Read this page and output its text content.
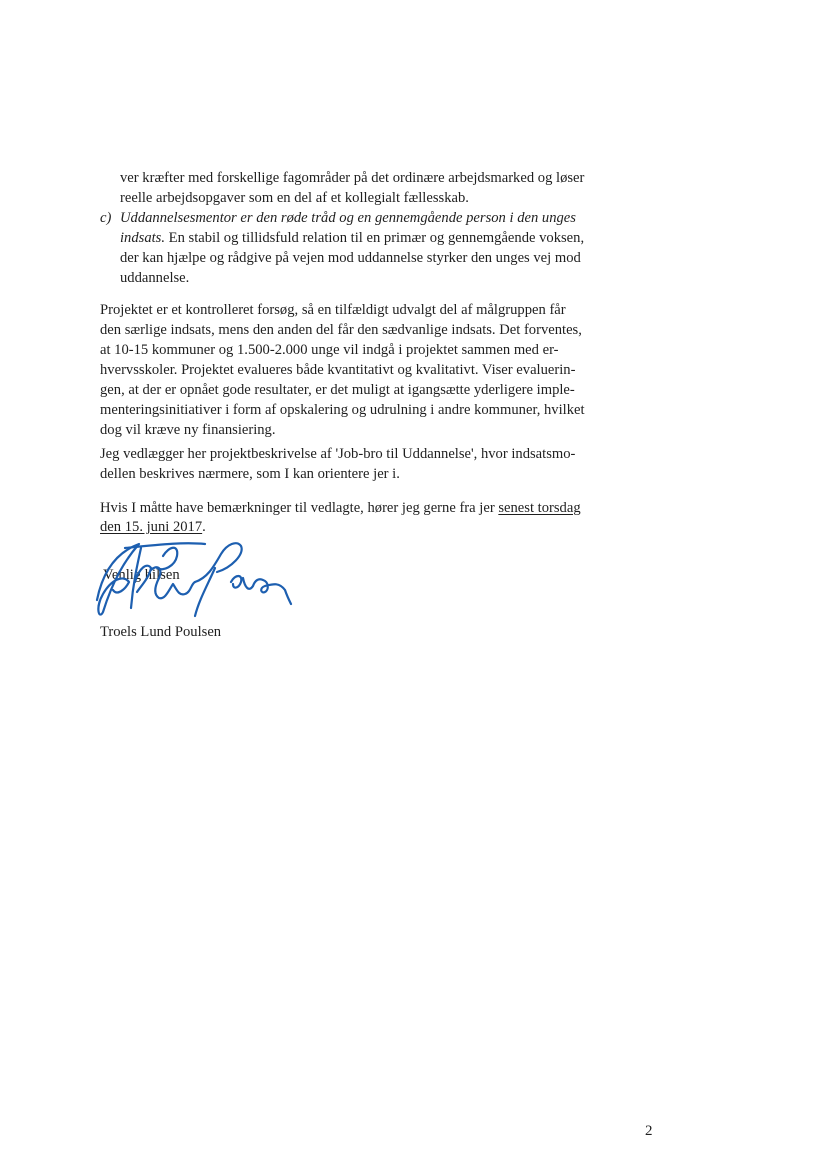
ver kræfter med forskellige fagområder på det ordinære arbejdsmarked og løser
reelle arbejdsopgaver som en del af et kollegialt fællesskab.
c) Uddannelsesmentor er den røde tråd og en gennemgående person i den unges
indsats. En stabil og tillidsfuld relation til en primær og gennemgående voksen,
der kan hjælpe og rådgive på vejen mod uddannelse styrker den unges vej mod
uddannelse.
Projektet er et kontrolleret forsøg, så en tilfældigt udvalgt del af målgruppen får
den særlige indsats, mens den anden del får den sædvanlige indsats. Det forventes,
at 10-15 kommuner og 1.500-2.000 unge vil indgå i projektet sammen med er-
hvervsskoler. Projektet evalueres både kvantitativt og kvalitativt. Viser evaluerin-
gen, at der er opnået gode resultater, er det muligt at igangsætte yderligere imple-
menteringsinitiativer i form af opskalering og udrulning i andre kommuner, hvilket
dog vil kræve ny finansiering.
Jeg vedlægger her projektbeskrivelse af 'Job-bro til Uddannelse', hvor indsatsmo-
dellen beskrives nærmere, som I kan orientere jer i.
Hvis I måtte have bemærkninger til vedlagte, hører jeg gerne fra jer senest torsdag
den 15. juni 2017.
Venlig hilsen
Troels Lund Poulsen
2
